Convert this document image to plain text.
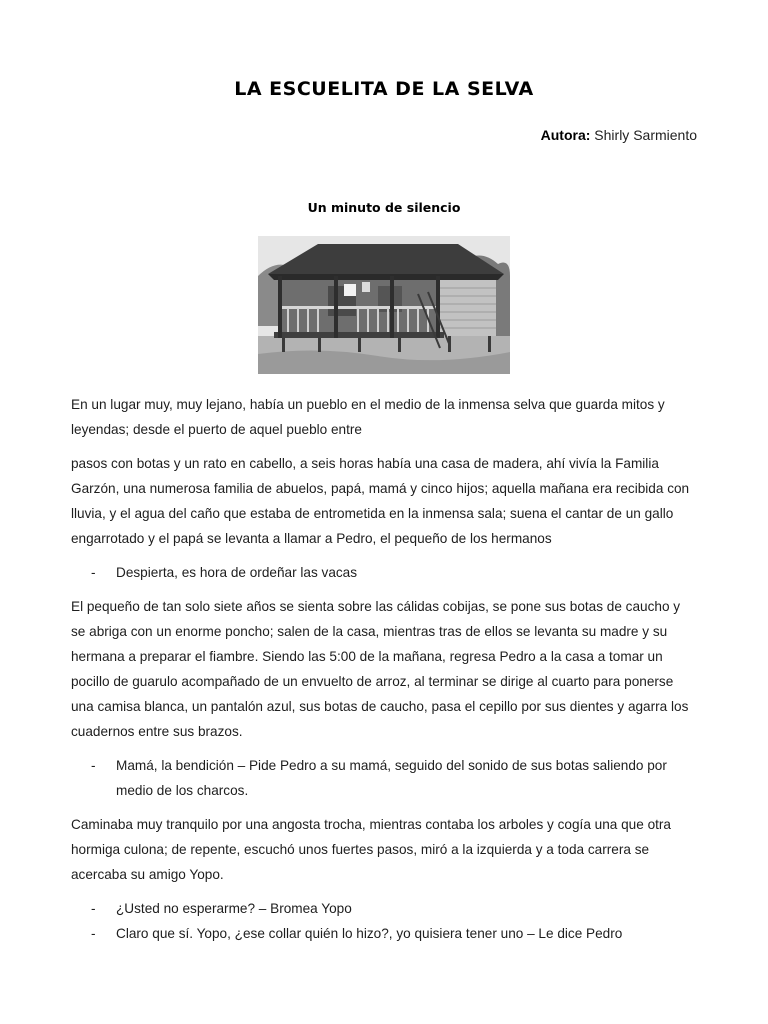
LA ESCUELITA DE LA SELVA
Autora: Shirly Sarmiento
Un minuto de silencio

En un lugar muy, muy lejano, había un pueblo en el medio de la inmensa selva que guarda mitos y leyendas; desde el puerto de aquel pueblo entre

pasos con botas y un rato en cabello, a seis horas había una casa de madera, ahí vivía la Familia Garzón, una numerosa familia de abuelos, papá, mamá y cinco hijos; aquella mañana era recibida con lluvia, y el agua del caño que estaba de entrometida en la inmensa sala; suena el cantar de un gallo engarrotado y el papá se levanta a llamar a Pedro, el pequeño de los hermanos

-	Despierta, es hora de ordeñar las vacas

El pequeño de tan solo siete años se sienta sobre las cálidas cobijas, se pone sus botas de caucho y se abriga con un enorme poncho; salen de la casa, mientras tras de ellos se levanta su madre y su hermana a preparar el fiambre. Siendo las 5:00 de la mañana, regresa Pedro a la casa a tomar un pocillo de guarulo acompañado de un envuelto de arroz, al terminar se dirige al cuarto para ponerse una camisa blanca, un pantalón azul, sus botas de caucho, pasa el cepillo por sus dientes y agarra los cuadernos entre sus brazos.

-	Mamá, la bendición – Pide Pedro a su mamá, seguido del sonido de sus botas saliendo por medio de los charcos.

Caminaba muy tranquilo por una angosta trocha, mientras contaba los arboles y cogía una que otra hormiga culona; de repente, escuchó unos fuertes pasos, miró a la izquierda y a toda carrera se acercaba su amigo Yopo.

-	¿Usted no esperarme? – Bromea Yopo
-	Claro que sí. Yopo, ¿ese collar quién lo hizo?, yo quisiera tener uno – Le dice Pedro
